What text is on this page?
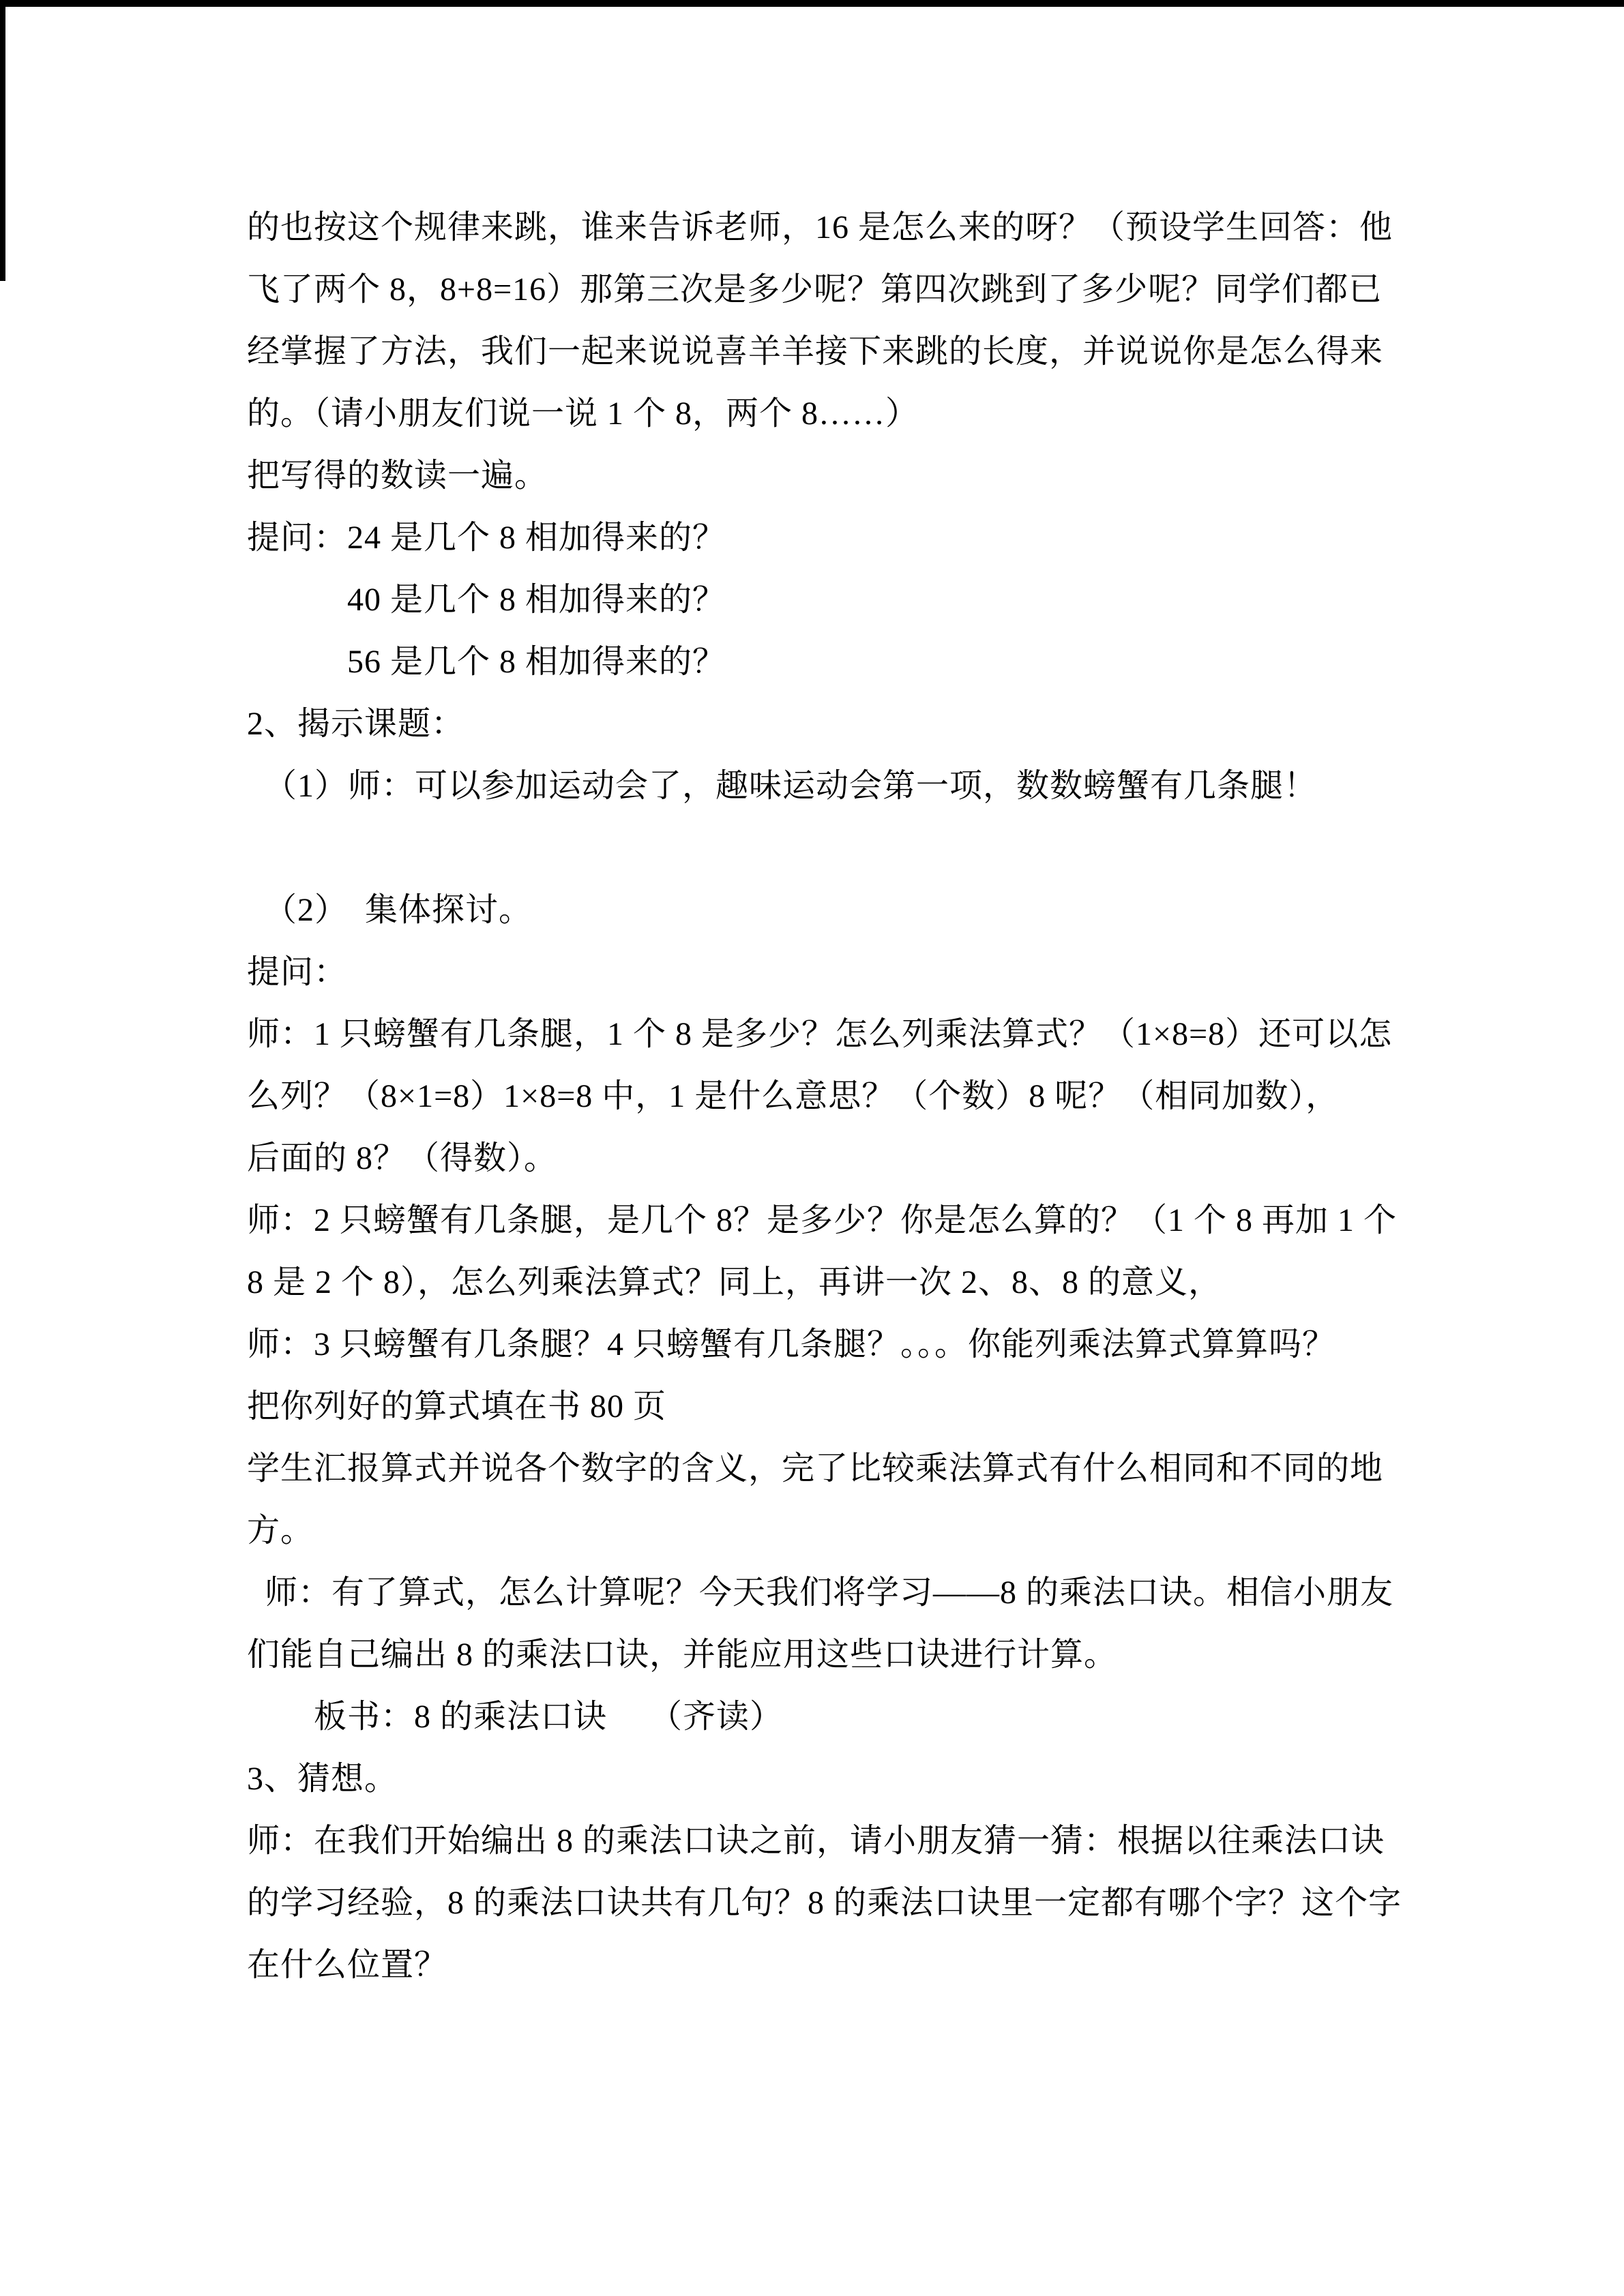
的也按这个规律来跳，谁来告诉老师，16 是怎么来的呀？（预设学生回答：他
飞了两个 8，8+8=16）那第三次是多少呢？第四次跳到了多少呢？同学们都已
经掌握了方法，我们一起来说说喜羊羊接下来跳的长度，并说说你是怎么得来
的。（请小朋友们说一说 1 个 8，两个 8……）
把写得的数读一遍。
提问：24 是几个 8 相加得来的？
　　　40 是几个 8 相加得来的？
　　　56 是几个 8 相加得来的？
2、揭示课题：
　（1）师：可以参加运动会了，趣味运动会第一项，数数螃蟹有几条腿！
　（2）　集体探讨。
提问：
师：1 只螃蟹有几条腿，1 个 8 是多少？怎么列乘法算式？（1×8=8）还可以怎
么列？（8×1=8）1×8=8 中，1 是什么意思？（个数）8 呢？（相同加数），
后面的 8？（得数）。
师：2 只螃蟹有几条腿，是几个 8？是多少？你是怎么算的？（1 个 8 再加 1 个
8 是 2 个 8），怎么列乘法算式？同上，再讲一次 2、8、8 的意义，
师：3 只螃蟹有几条腿？4 只螃蟹有几条腿？。。。你能列乘法算式算算吗？
把你列好的算式填在书 80 页
学生汇报算式并说各个数字的含义，完了比较乘法算式有什么相同和不同的地
方。
师：有了算式，怎么计算呢？今天我们将学习——8 的乘法口诀。相信小朋友
们能自己编出 8 的乘法口诀，并能应用这些口诀进行计算。
　　板书：8 的乘法口诀　 （齐读）
3、猜想。
师：在我们开始编出 8 的乘法口诀之前，请小朋友猜一猜：根据以往乘法口诀
的学习经验，8 的乘法口诀共有几句？8 的乘法口诀里一定都有哪个字？这个字
在什么位置？
